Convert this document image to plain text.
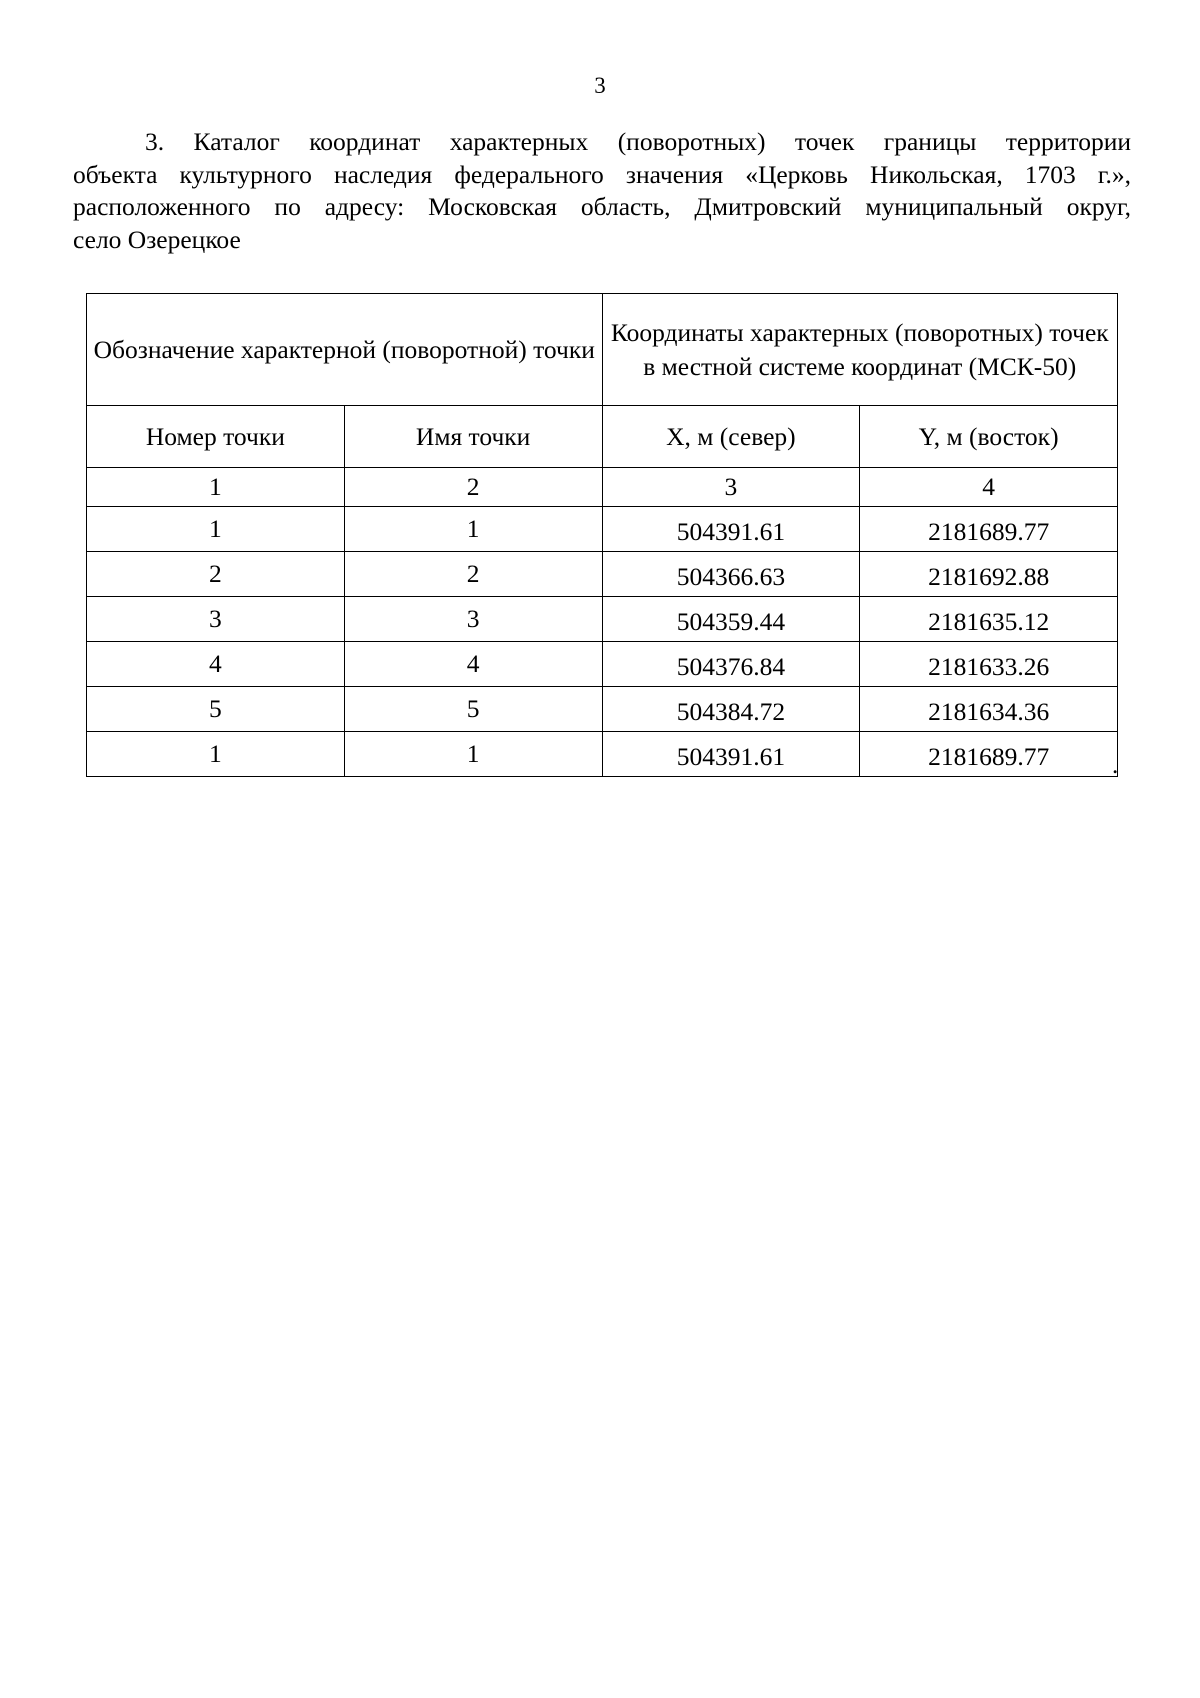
3
3. Каталог координат характерных (поворотных) точек границы территории
объекта культурного наследия федерального значения «Церковь Никольская, 1703 г.»,
расположенного по адресу: Московская область, Дмитровский муниципальный округ,
село Озерецкое
Обозначение характерной (поворотной) точки		Координаты характерных (поворотных) точек в местной системе координат (МСК-50)	
Номер точки	Имя точки	X, м (север)	Y, м (восток)
1	2	3	4
1	1	504391.61	2181689.77
2	2	504366.63	2181692.88
3	3	504359.44	2181635.12
4	4	504376.84	2181633.26
5	5	504384.72	2181634.36
1	1	504391.61	2181689.77	.
